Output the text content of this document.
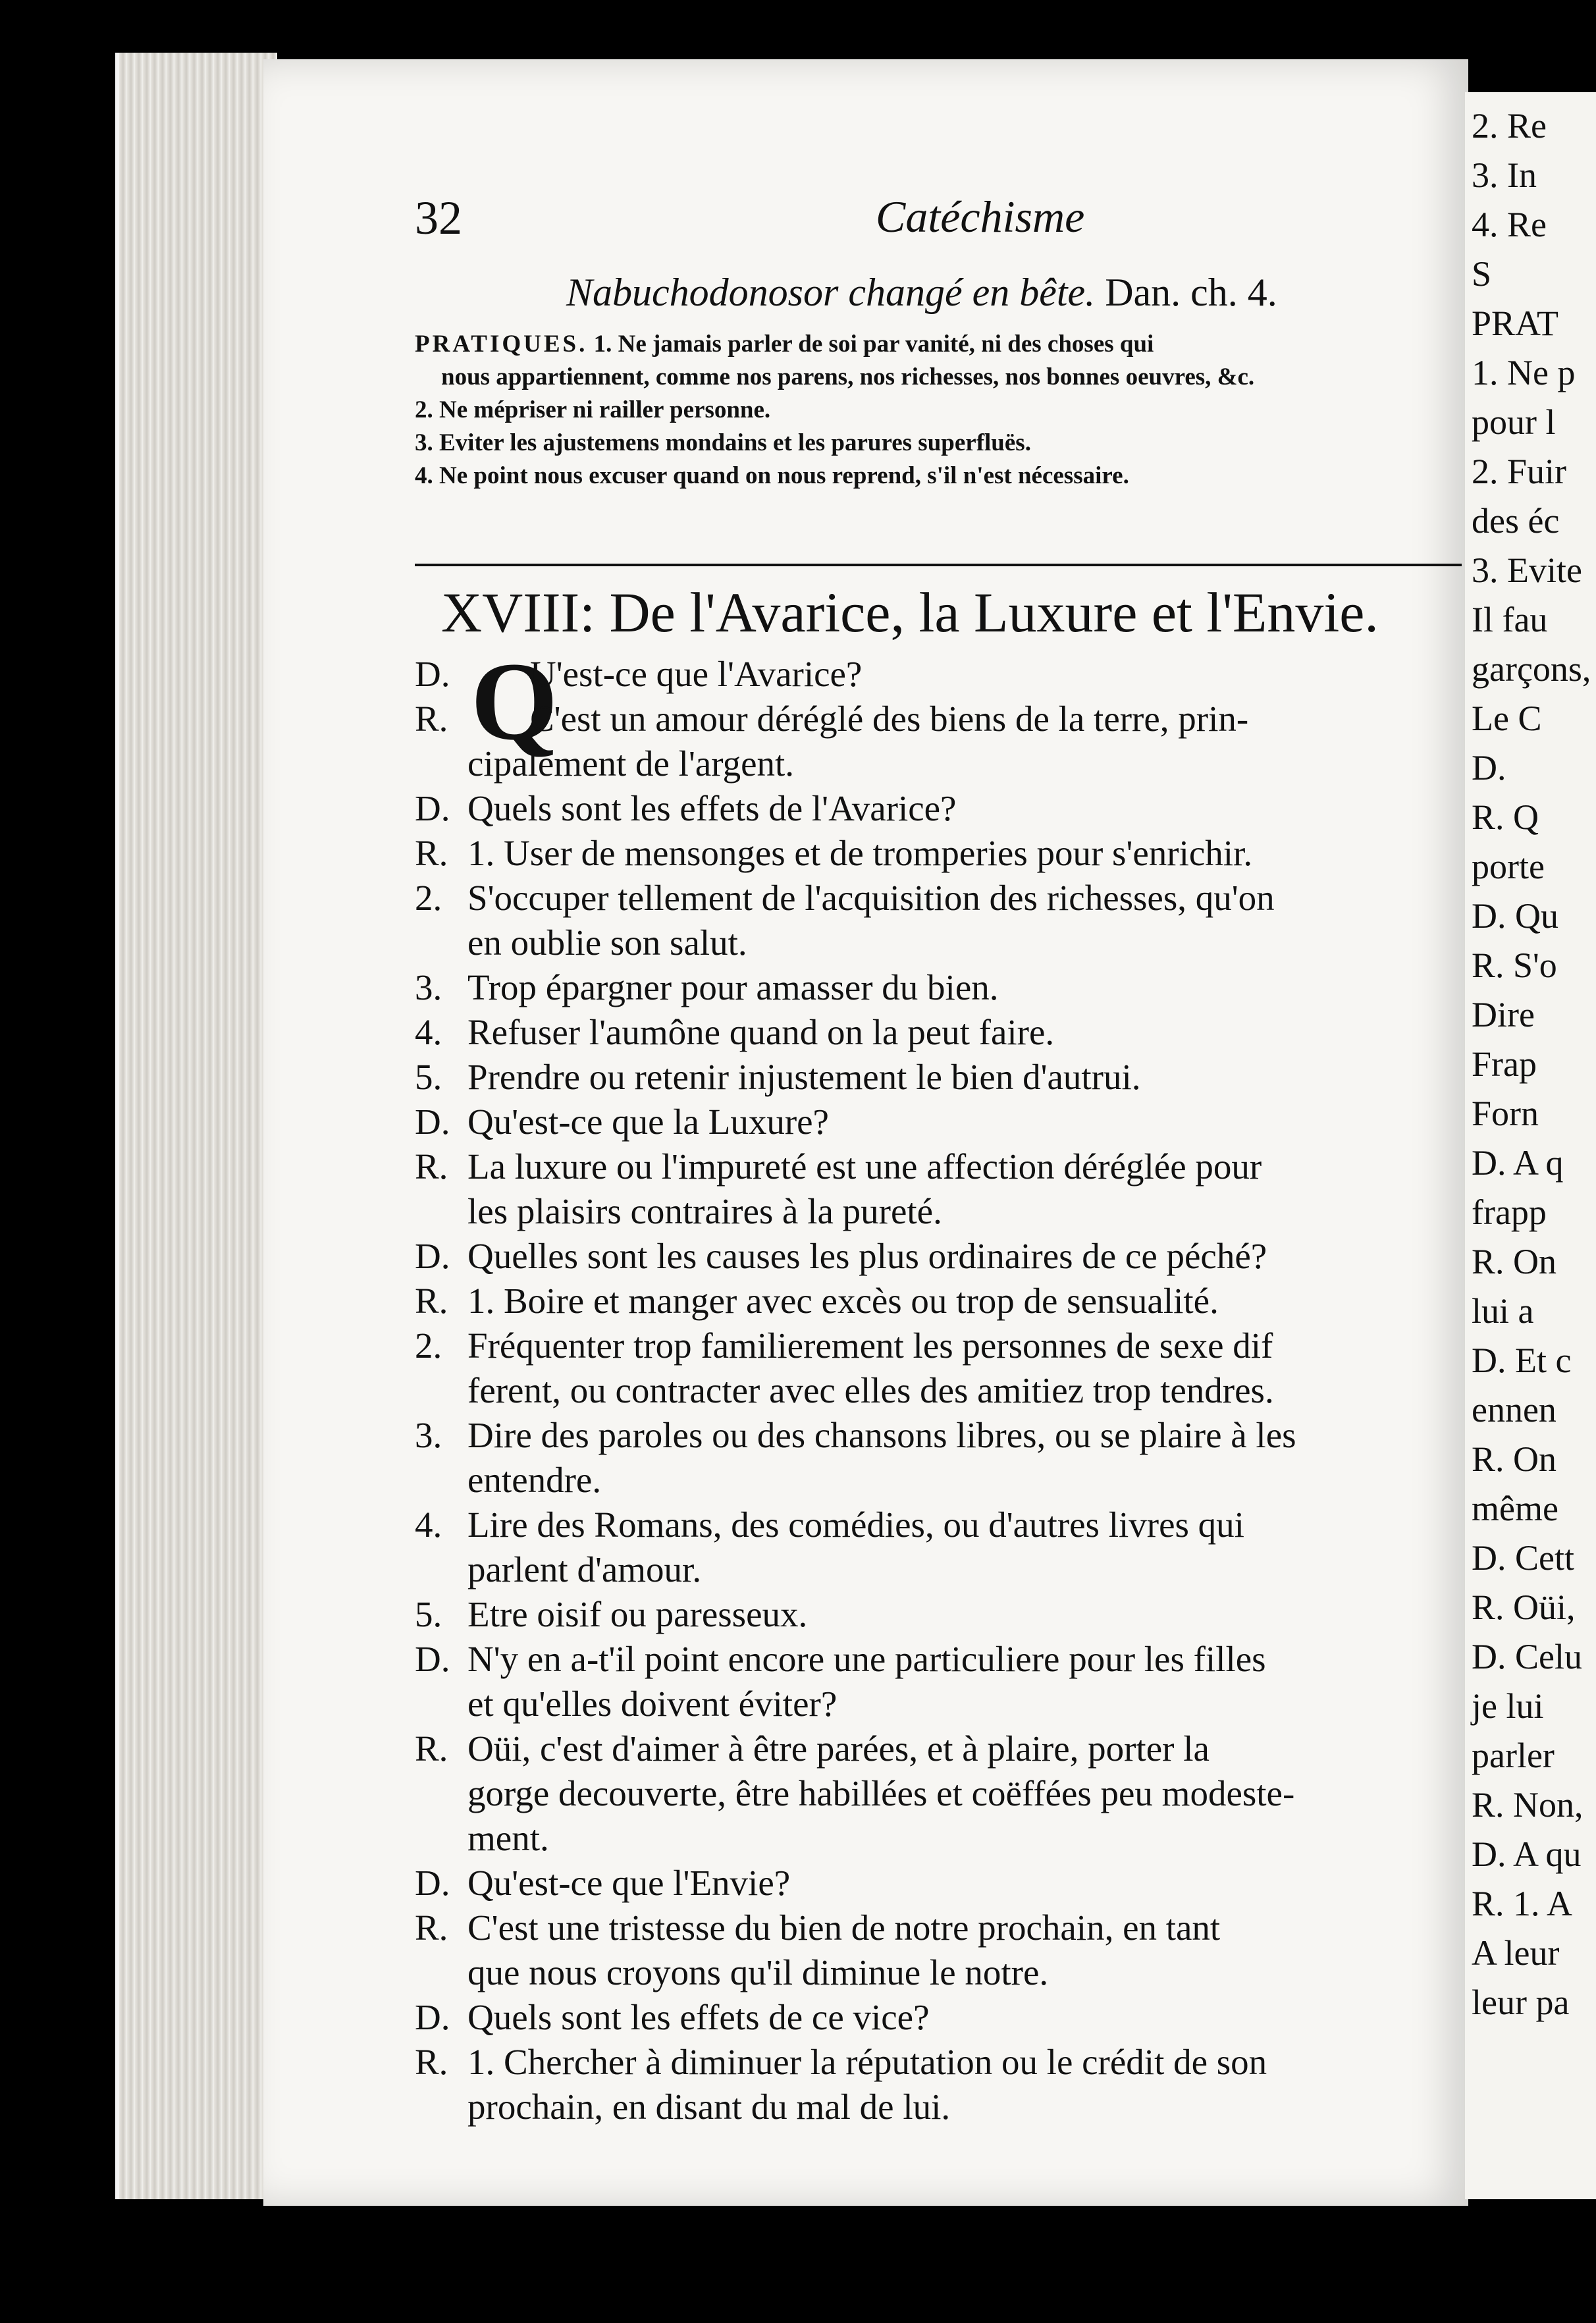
32	Catéchisme
Nabuchodonosor changé en bête. Dan. ch. 4.
PRATIQUES. 1. Ne jamais parler de soi par vanité, ni des choses qui
nous appartiennent, comme nos parens, nos richesses, nos bonnes oeuvres, &c.
2. Ne mépriser ni railler personne.
3. Eviter les ajustemens mondains et les parures superfluës.
4. Ne point nous excuser quand on nous reprend, s'il n'est nécessaire.
XVIII: De l'Avarice, la Luxure et l'Envie.
Q
D. U'est-ce que l'Avarice?
R. C'est un amour déréglé des biens de la terre, prin-
cipalement de l'argent.
D. Quels sont les effets de l'Avarice?
R. 1. User de mensonges et de tromperies pour s'enrichir.
2. S'occuper tellement de l'acquisition des richesses, qu'on
en oublie son salut.
3. Trop épargner pour amasser du bien.
4. Refuser l'aumône quand on la peut faire.
5. Prendre ou retenir injustement le bien d'autrui.
D. Qu'est-ce que la Luxure?
R. La luxure ou l'impureté est une affection déréglée pour
les plaisirs contraires à la pureté.
D. Quelles sont les causes les plus ordinaires de ce péché?
R. 1. Boire et manger avec excès ou trop de sensualité.
2. Fréquenter trop familierement les personnes de sexe dif
ferent, ou contracter avec elles des amitiez trop tendres.
3. Dire des paroles ou des chansons libres, ou se plaire à les
entendre.
4. Lire des Romans, des comédies, ou d'autres livres qui
parlent d'amour.
5. Etre oisif ou paresseux.
D. N'y en a-t'il point encore une particuliere pour les filles
et qu'elles doivent éviter?
R. Oüi, c'est d'aimer à être parées, et à plaire, porter la
gorge decouverte, être habillées et coëffées peu modeste-
ment.
D. Qu'est-ce que l'Envie?
R. C'est une tristesse du bien de notre prochain, en tant
que nous croyons qu'il diminue le notre.
D. Quels sont les effets de ce vice?
R. 1. Chercher à diminuer la réputation ou le crédit de son
prochain, en disant du mal de lui.
2. Re
3. In
4. Re
S
PRAT
1. Ne p
pour l
2. Fuir
des éc
3. Evite
Il fau
garçons,
Le C
D.
R. Q
porte
D. Qu
R. S'o
Dire
Frap
Forn
D. A q
frapp
R. On
lui a
D. Et c
ennen
R. On
même
D. Cett
R. Oüi,
D. Celu
je lui
parler
R. Non,
D. A qu
R. 1. A
A leur
leur pa
